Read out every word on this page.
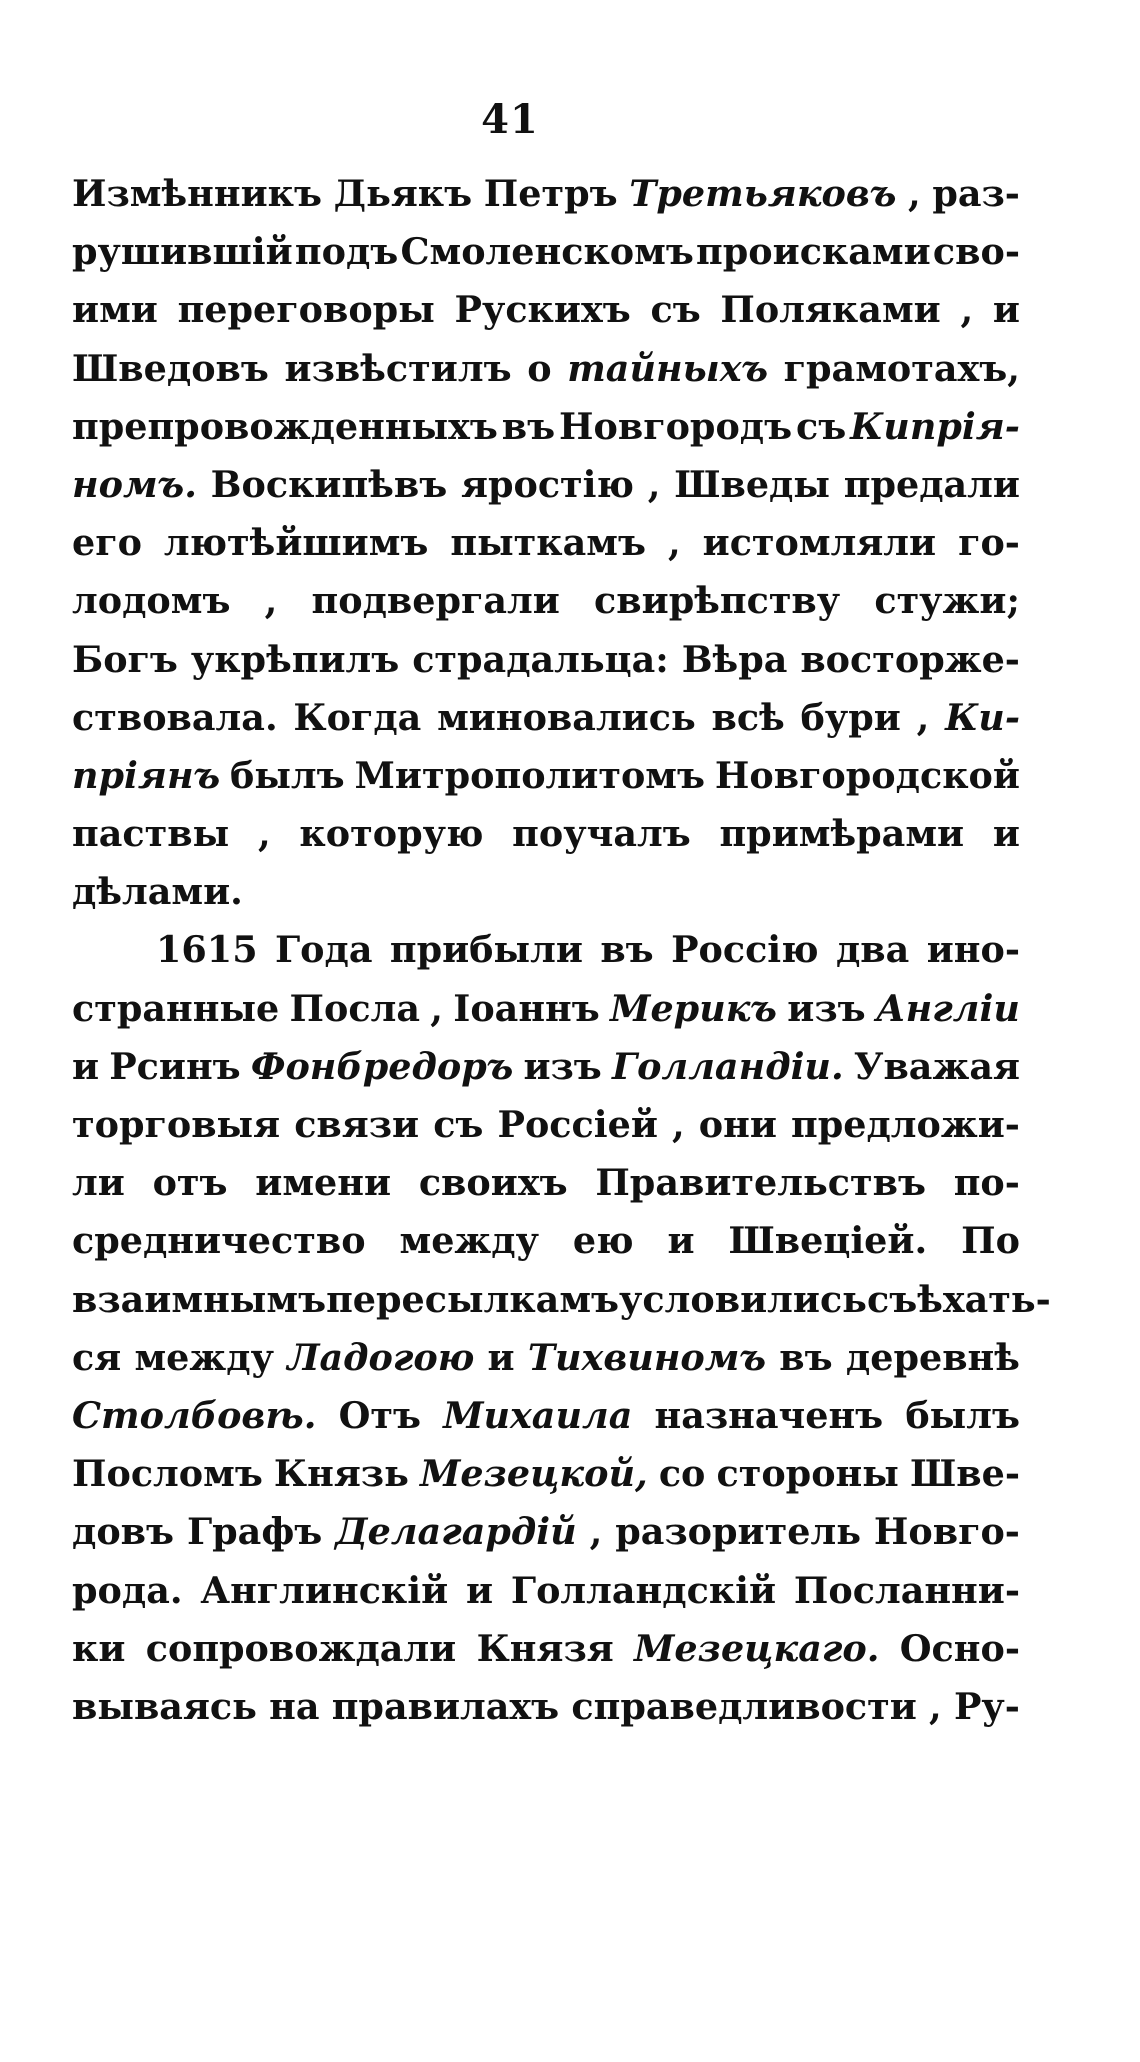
41
Измѣнникъ Дьякъ Петръ Третьяковъ , раз-
рушившій подъ Смоленскомъ происками сво-
ими переговоры Рускихъ съ Поляками , и
Шведовъ извѣстилъ о тайныхъ грамотахъ,
препровожденныхъ въ Новгородъ съ Кипрія-
номъ. Воскипѣвъ яростію , Шведы предали
его лютѣйшимъ пыткамъ , истомляли го-
лодомъ , подвергали свирѣпству стужи;
Богъ укрѣпилъ страдальца: Вѣра восторже-
ствовала. Когда миновались всѣ бури , Ки-
пріянъ былъ Митрополитомъ Новгородской
паствы , которую поучалъ примѣрами и
дѣлами.
1615 Года прибыли въ Россію два ино-
странные Посла , Іоаннъ Мерикъ изъ Англіи
и Рсинъ Фонбредоръ изъ Голландіи. Уважая
торговыя связи съ Россіей , они предложи-
ли отъ имени своихъ Правительствъ по-
средничество между ею и Швеціей. По
взаимнымъ пересылкамъ условились съѣхать-
ся между Ладогою и Тихвиномъ въ деревнѣ
Столбовѣ. Отъ Михаила назначенъ былъ
Посломъ Князь Мезецкой, со стороны Шве-
довъ Графъ Делагардій , разоритель Новго-
рода. Англинскій и Голландскій Посланни-
ки сопровождали Князя Мезецкаго. Осно-
вываясь на правилахъ справедливости , Ру-
